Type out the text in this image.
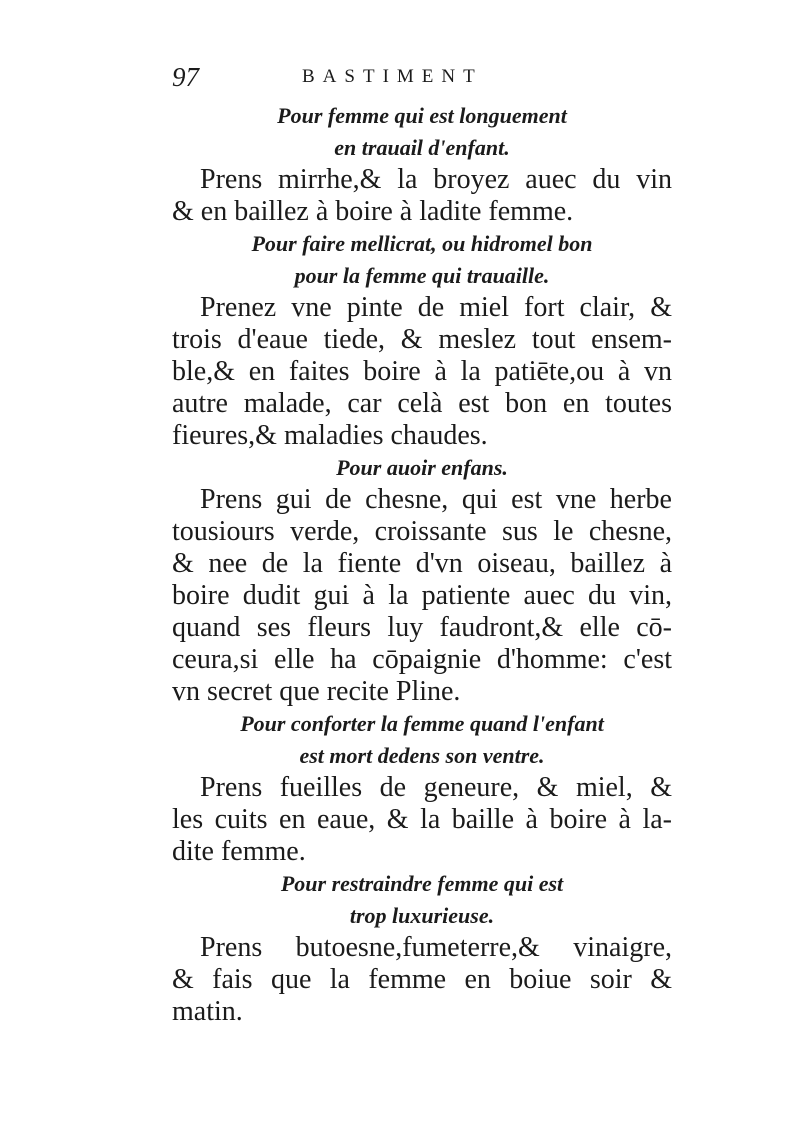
97	BASTIMENT
Pour femme qui est longuement
en trauail d'enfant.
Prens mirrhe,& la broyez auec du vin
& en baillez à boire à ladite femme.
Pour faire mellicrat, ou hidromel bon
pour la femme qui trauaille.
Prenez vne pinte de miel fort clair, &
trois d'eaue tiede, & meslez tout ensem-
ble,& en faites boire à la patiēte,ou à vn
autre malade, car celà est bon en toutes
fieures,& maladies chaudes.
Pour auoir enfans.
Prens gui de chesne, qui est vne herbe
tousiours verde, croissante sus le chesne,
& nee de la fiente d'vn oiseau, baillez à
boire dudit gui à la patiente auec du vin,
quand ses fleurs luy faudront,& elle cō-
ceura,si elle ha cōpaignie d'homme: c'est
vn secret que recite Pline.
Pour conforter la femme quand l'enfant
est mort dedens son ventre.
Prens fueilles de geneure, & miel, &
les cuits en eaue, & la baille à boire à la-
dite femme.
Pour restraindre femme qui est
trop luxurieuse.
Prens butoesne,fumeterre,& vinaigre,
& fais que la femme en boiue soir &
matin.
